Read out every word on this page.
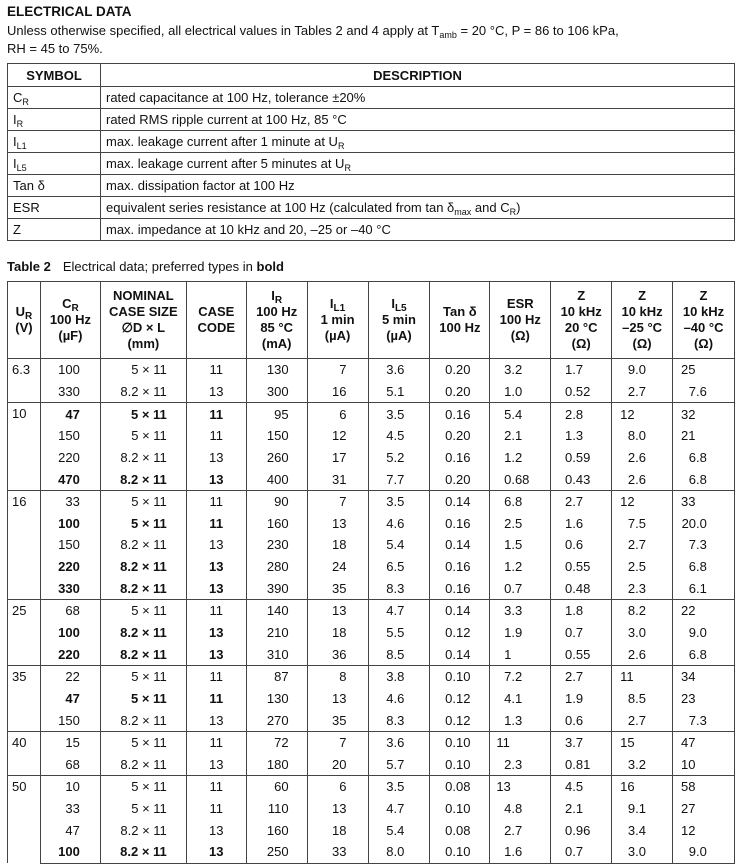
ELECTRICAL DATA
Unless otherwise specified, all electrical values in Tables 2 and 4 apply at $T_{amb} = 20$ °C, P = 86 to 106 kPa,
RH = 45 to 75%.
SYMBOL	DESCRIPTION
$C_R$	rated capacitance at 100 Hz, tolerance ±20%
$I_R$	rated RMS ripple current at 100 Hz, 85 °C
$I_{L1}$	max. leakage current after 1 minute at $U_R$
$I_{L5}$	max. leakage current after 5 minutes at $U_R$
Tan δ	max. dissipation factor at 100 Hz
ESR	equivalent series resistance at 100 Hz (calculated from $\tan \delta_{max}$ and $C_R$)
Z	max. impedance at 10 kHz and 20, –25 or –40 °C
Table 2 Electrical data; preferred types in bold
$U_R$
(V)	$C_R$
100 Hz
(µF)	NOMINAL
CASE SIZE
∅D × L
(mm)	CASE
CODE	$I_R$
100 Hz
85 °C
(mA)	$I_{L1}$
1 min
(µA)	$I_{L5}$
5 min
(µA)	Tan δ
100 Hz	ESR
100 Hz
(Ω)	Z
10 kHz
20 °C
(Ω)	Z
10 kHz
–25 °C
(Ω)	Z
10 kHz
–40 °C
(Ω)
6.3	100	5 × 11	11	130	7	3.6	0.20	3.2	1.7	9.0	25
	330	8.2 × 11	13	300	16	5.1	0.20	1.0	0.52	2.7	7.6
10	47	5 × 11	11	95	6	3.5	0.16	5.4	2.8	12	32
	150	5 × 11	11	150	12	4.5	0.20	2.1	1.3	8.0	21
	220	8.2 × 11	13	260	17	5.2	0.16	1.2	0.59	2.6	6.8
	470	8.2 × 11	13	400	31	7.7	0.20	0.68	0.43	2.6	6.8
16	33	5 × 11	11	90	7	3.5	0.14	6.8	2.7	12	33
	100	5 × 11	11	160	13	4.6	0.16	2.5	1.6	7.5	20.0
	150	8.2 × 11	13	230	18	5.4	0.14	1.5	0.6	2.7	7.3
	220	8.2 × 11	13	280	24	6.5	0.16	1.2	0.55	2.5	6.8
	330	8.2 × 11	13	390	35	8.3	0.16	0.7	0.48	2.3	6.1
25	68	5 × 11	11	140	13	4.7	0.14	3.3	1.8	8.2	22
	100	8.2 × 11	13	210	18	5.5	0.12	1.9	0.7	3.0	9.0
	220	8.2 × 11	13	310	36	8.5	0.14	1	0.55	2.6	6.8
35	22	5 × 11	11	87	8	3.8	0.10	7.2	2.7	11	34
	47	5 × 11	11	130	13	4.6	0.12	4.1	1.9	8.5	23
	150	8.2 × 11	13	270	35	8.3	0.12	1.3	0.6	2.7	7.3
40	15	5 × 11	11	72	7	3.6	0.10	11	3.7	15	47
	68	8.2 × 11	13	180	20	5.7	0.10	2.3	0.81	3.2	10
50	10	5 × 11	11	60	6	3.5	0.08	13	4.5	16	58
	33	5 × 11	11	110	13	4.7	0.10	4.8	2.1	9.1	27
	47	8.2 × 11	13	160	18	5.4	0.08	2.7	0.96	3.4	12
	100	8.2 × 11	13	250	33	8.0	0.10	1.6	0.7	3.0	9.0
